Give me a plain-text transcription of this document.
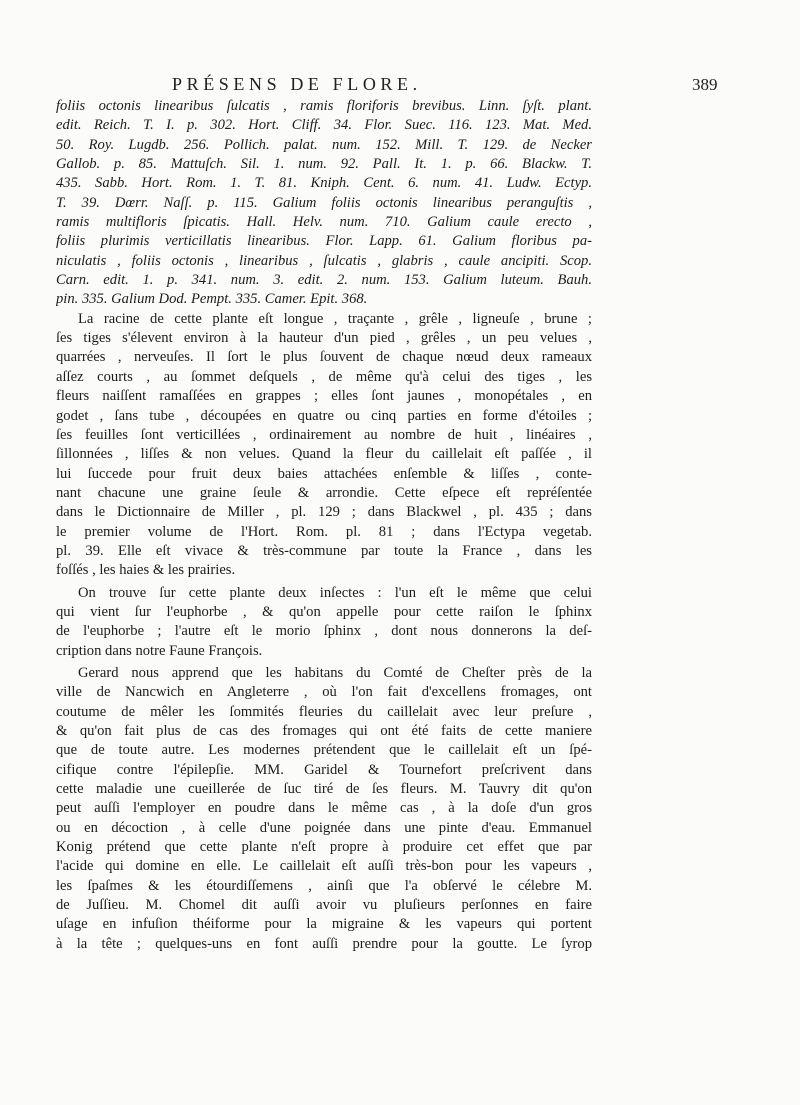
PRÉSENS DE FLORE.	389
foliis octonis linearibus ſulcatis , ramis floriforis brevibus. Linn. ſyſt. plant.
edit. Reich. T. I. p. 302. Hort. Cliff. 34. Flor. Suec. 116. 123. Mat. Med.
50. Roy. Lugdb. 256. Pollich. palat. num. 152. Mill. T. 129. de Necker
Gallob. p. 85. Mattuſch. Sil. 1. num. 92. Pall. It. 1. p. 66. Blackw. T.
435. Sabb. Hort. Rom. 1. T. 81. Kniph. Cent. 6. num. 41. Ludw. Ectyp.
T. 39. Dœrr. Naſſ. p. 115. Galium foliis octonis linearibus peranguſtis ,
ramis multifloris ſpicatis. Hall. Helv. num. 710. Galium caule erecto ,
foliis plurimis verticillatis linearibus. Flor. Lapp. 61. Galium floribus pa-
niculatis , foliis octonis , linearibus , ſulcatis , glabris , caule ancipiti. Scop.
Carn. edit. 1. p. 341. num. 3. edit. 2. num. 153. Galium luteum. Bauh.
pin. 335. Galium Dod. Pempt. 335. Camer. Epit. 368.
La racine de cette plante eſt longue , traçante , grêle , ligneuſe , brune ;
ſes tiges s'élevent environ à la hauteur d'un pied , grêles , un peu velues ,
quarrées , nerveuſes. Il ſort le plus ſouvent de chaque nœud deux rameaux
aſſez courts , au ſommet deſquels , de même qu'à celui des tiges , les
fleurs naiſſent ramaſſées en grappes ; elles ſont jaunes , monopétales , en
godet , ſans tube , découpées en quatre ou cinq parties en forme d'étoiles ;
ſes feuilles ſont verticillées , ordinairement au nombre de huit , linéaires ,
ſillonnées , liſſes & non velues. Quand la fleur du caillelait eſt paſſée , il
lui ſuccede pour fruit deux baies attachées enſemble & liſſes , conte-
nant chacune une graine ſeule & arrondie. Cette eſpece eſt repréſentée
dans le Dictionnaire de Miller , pl. 129 ; dans Blackwel , pl. 435 ; dans
le premier volume de l'Hort. Rom. pl. 81 ; dans l'Ectypa vegetab.
pl. 39. Elle eſt vivace & très-commune par toute la France , dans les
foſſés , les haies & les prairies.
On trouve ſur cette plante deux inſectes : l'un eſt le même que celui
qui vient ſur l'euphorbe , & qu'on appelle pour cette raiſon le ſphinx
de l'euphorbe ; l'autre eſt le morio ſphinx , dont nous donnerons la deſ-
cription dans notre Faune François.
Gerard nous apprend que les habitans du Comté de Cheſter près de la
ville de Nancwich en Angleterre , où l'on fait d'excellens fromages, ont
coutume de mêler les ſommités fleuries du caillelait avec leur preſure ,
& qu'on fait plus de cas des fromages qui ont été faits de cette maniere
que de toute autre. Les modernes prétendent que le caillelait eſt un ſpé-
cifique contre l'épilepſie. MM. Garidel & Tournefort preſcrivent dans
cette maladie une cueillerée de ſuc tiré de ſes fleurs. M. Tauvry dit qu'on
peut auſſi l'employer en poudre dans le même cas , à la doſe d'un gros
ou en décoction , à celle d'une poignée dans une pinte d'eau. Emmanuel
Konig prétend que cette plante n'eſt propre à produire cet effet que par
l'acide qui domine en elle. Le caillelait eſt auſſi très-bon pour les vapeurs ,
les ſpaſmes & les étourdiſſemens , ainſi que l'a obſervé le célebre M.
de Juſſieu. M. Chomel dit auſſi avoir vu pluſieurs perſonnes en faire
uſage en infuſion théiforme pour la migraine & les vapeurs qui portent
à la tête ; quelques-uns en font auſſi prendre pour la goutte. Le ſyrop
